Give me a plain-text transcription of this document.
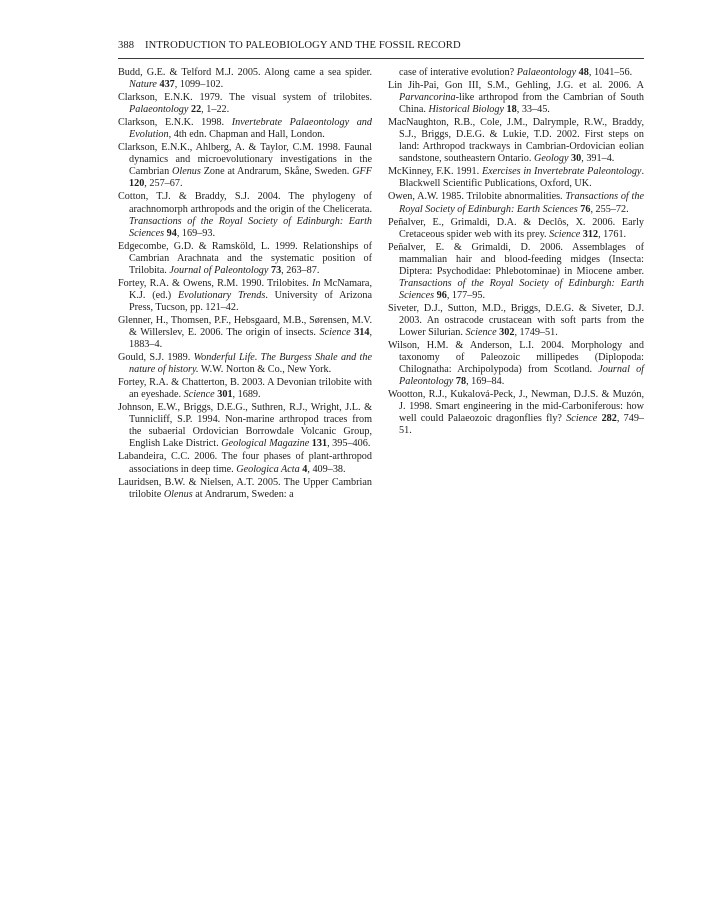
388 INTRODUCTION TO PALEOBIOLOGY AND THE FOSSIL RECORD

Budd, G.E. & Telford M.J. 2005. Along came a sea spider. Nature 437, 1099–102.

Clarkson, E.N.K. 1979. The visual system of trilobites. Palaeontology 22, 1–22.

Clarkson, E.N.K. 1998. Invertebrate Palaeontology and Evolution, 4th edn. Chapman and Hall, London.

Clarkson, E.N.K., Ahlberg, A. & Taylor, C.M. 1998. Faunal dynamics and microevolutionary investigations in the Cambrian Olenus Zone at Andrarum, Skåne, Sweden. GFF 120, 257–67.

Cotton, T.J. & Braddy, S.J. 2004. The phylogeny of arachnomorph arthropods and the origin of the Chelicerata. Transactions of the Royal Society of Edinburgh: Earth Sciences 94, 169–93.

Edgecombe, G.D. & Ramsköld, L. 1999. Relationships of Cambrian Arachnata and the systematic position of Trilobita. Journal of Paleontology 73, 263–87.

Fortey, R.A. & Owens, R.M. 1990. Trilobites. In McNamara, K.J. (ed.) Evolutionary Trends. University of Arizona Press, Tucson, pp. 121–42.

Glenner, H., Thomsen, P.F., Hebsgaard, M.B., Sørensen, M.V. & Willerslev, E. 2006. The origin of insects. Science 314, 1883–4.

Gould, S.J. 1989. Wonderful Life. The Burgess Shale and the nature of history. W.W. Norton & Co., New York.

Fortey, R.A. & Chatterton, B. 2003. A Devonian trilobite with an eyeshade. Science 301, 1689.

Johnson, E.W., Briggs, D.E.G., Suthren, R.J., Wright, J.L. & Tunnicliff, S.P. 1994. Non-marine arthropod traces from the subaerial Ordovician Borrowdale Volcanic Group, English Lake District. Geological Magazine 131, 395–406.

Labandeira, C.C. 2006. The four phases of plant-arthropod associations in deep time. Geologica Acta 4, 409–38.

Lauridsen, B.W. & Nielsen, A.T. 2005. The Upper Cambrian trilobite Olenus at Andrarum, Sweden: a

case of interative evolution? Palaeontology 48, 1041–56.

Lin Jih-Pai, Gon III, S.M., Gehling, J.G. et al. 2006. A Parvancorina-like arthropod from the Cambrian of South China. Historical Biology 18, 33–45.

MacNaughton, R.B., Cole, J.M., Dalrymple, R.W., Braddy, S.J., Briggs, D.E.G. & Lukie, T.D. 2002. First steps on land: Arthropod trackways in Cambrian-Ordovician eolian sandstone, southeastern Ontario. Geology 30, 391–4.

McKinney, F.K. 1991. Exercises in Invertebrate Paleontology. Blackwell Scientific Publications, Oxford, UK.

Owen, A.W. 1985. Trilobite abnormalities. Transactions of the Royal Society of Edinburgh: Earth Sciences 76, 255–72.

Peñalver, E., Grimaldi, D.A. & Declôs, X. 2006. Early Cretaceous spider web with its prey. Science 312, 1761.

Peñalver, E. & Grimaldi, D. 2006. Assemblages of mammalian hair and blood-feeding midges (Insecta: Diptera: Psychodidae: Phlebotominae) in Miocene amber. Transactions of the Royal Society of Edinburgh: Earth Sciences 96, 177–95.

Siveter, D.J., Sutton, M.D., Briggs, D.E.G. & Siveter, D.J. 2003. An ostracode crustacean with soft parts from the Lower Silurian. Science 302, 1749–51.

Wilson, H.M. & Anderson, L.I. 2004. Morphology and taxonomy of Paleozoic millipedes (Diplopoda: Chilognatha: Archipolypoda) from Scotland. Journal of Paleontology 78, 169–84.

Wootton, R.J., Kukalová-Peck, J., Newman, D.J.S. & Muzón, J. 1998. Smart engineering in the mid-Carboniferous: how well could Palaeozoic dragonflies fly? Science 282, 749–51.
